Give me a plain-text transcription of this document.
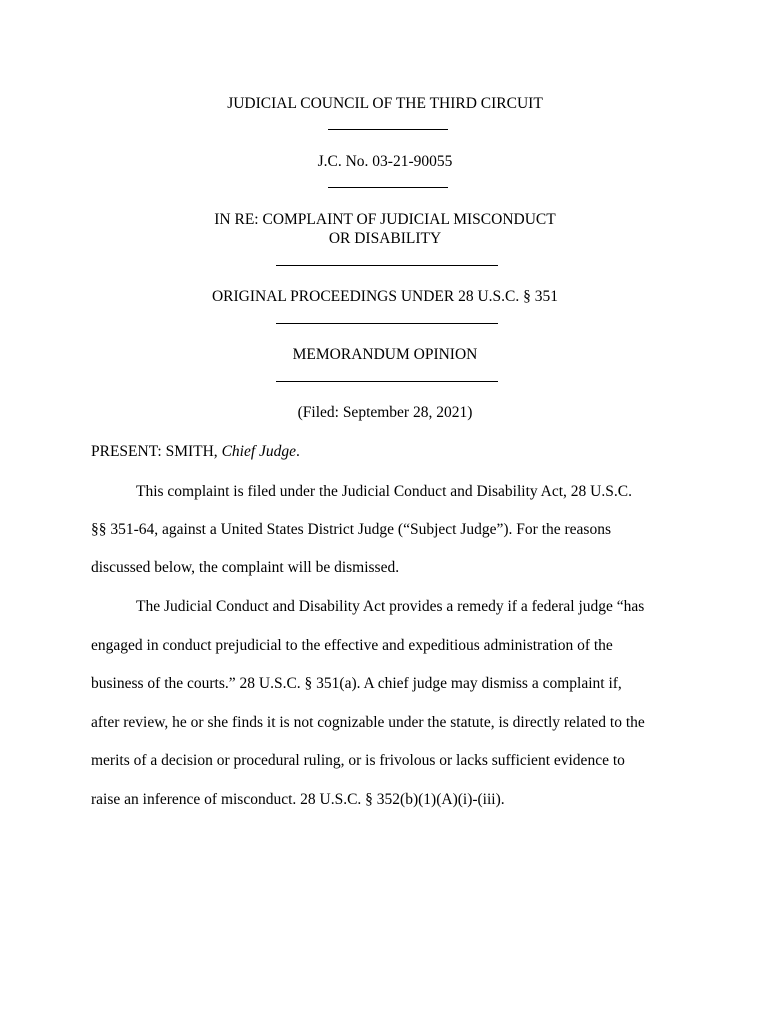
JUDICIAL COUNCIL OF THE THIRD CIRCUIT
J.C. No. 03-21-90055
IN RE: COMPLAINT OF JUDICIAL MISCONDUCT
OR DISABILITY
ORIGINAL PROCEEDINGS UNDER 28 U.S.C. § 351
MEMORANDUM OPINION
(Filed: September 28, 2021)
PRESENT: SMITH, Chief Judge.
This complaint is filed under the Judicial Conduct and Disability Act, 28 U.S.C.
§§ 351-64, against a United States District Judge (“Subject Judge”). For the reasons
discussed below, the complaint will be dismissed.
The Judicial Conduct and Disability Act provides a remedy if a federal judge “has
engaged in conduct prejudicial to the effective and expeditious administration of the
business of the courts.” 28 U.S.C. § 351(a). A chief judge may dismiss a complaint if,
after review, he or she finds it is not cognizable under the statute, is directly related to the
merits of a decision or procedural ruling, or is frivolous or lacks sufficient evidence to
raise an inference of misconduct. 28 U.S.C. § 352(b)(1)(A)(i)-(iii).
